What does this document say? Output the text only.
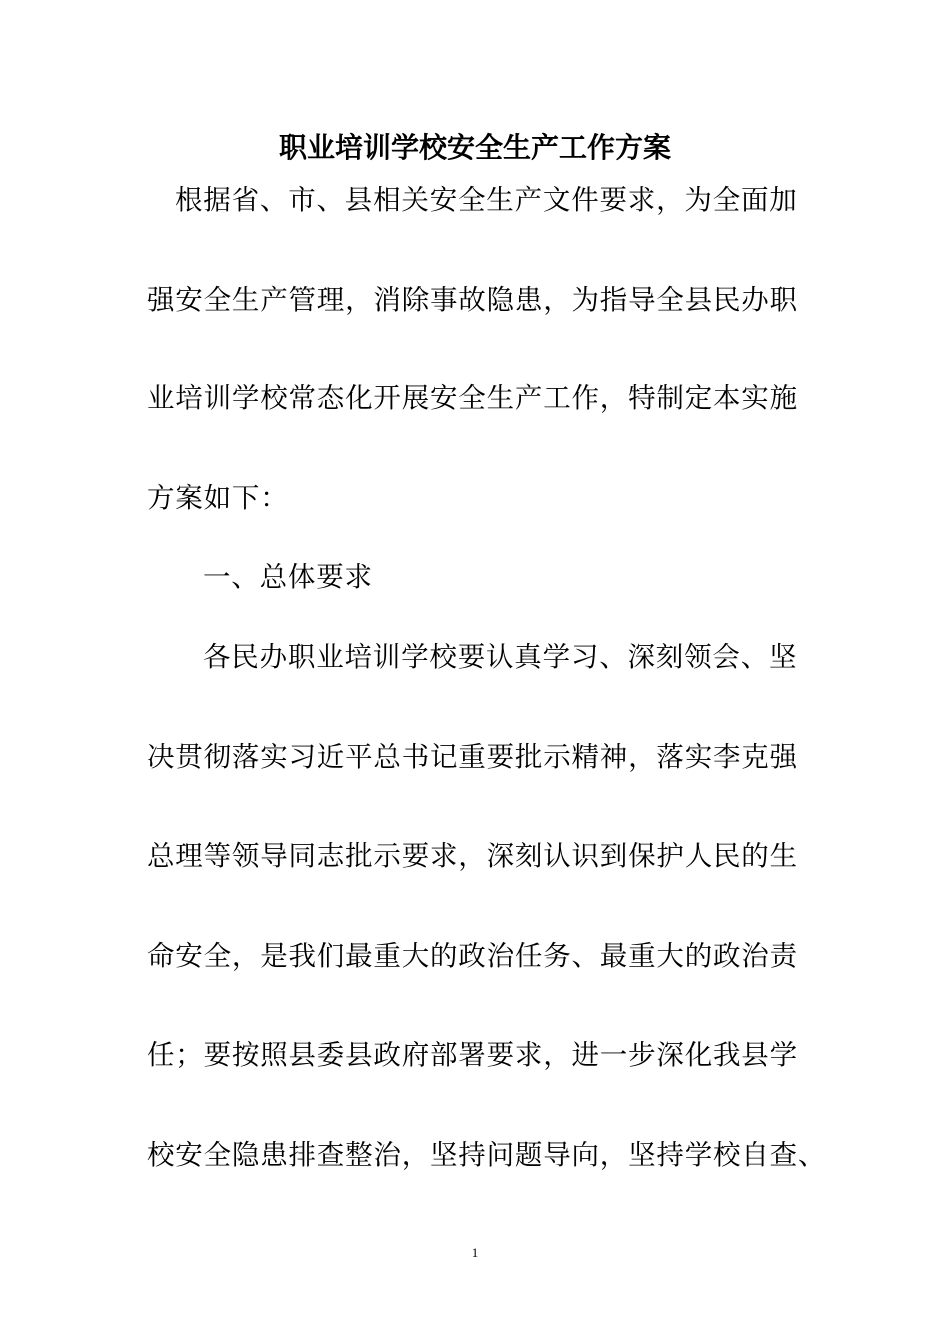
职业培训学校安全生产工作方案
根据省、市、县相关安全生产文件要求，为全面加
强安全生产管理，消除事故隐患，为指导全县民办职
业培训学校常态化开展安全生产工作，特制定本实施
方案如下：
一、总体要求
各民办职业培训学校要认真学习、深刻领会、坚
决贯彻落实习近平总书记重要批示精神，落实李克强
总理等领导同志批示要求，深刻认识到保护人民的生
命安全，是我们最重大的政治任务、最重大的政治责
任；要按照县委县政府部署要求，进一步深化我县学
校安全隐患排查整治，坚持问题导向，坚持学校自查、
1
